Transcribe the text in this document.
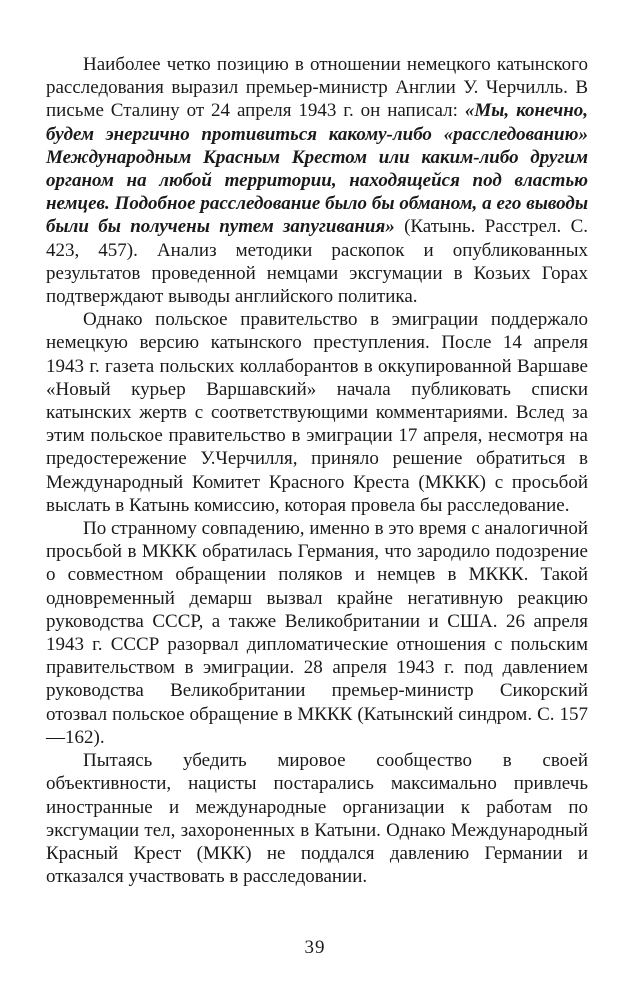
Наиболее четко позицию в отношении немецкого катынского расследования выразил премьер-министр Англии У. Черчилль. В письме Сталину от 24 апреля 1943 г. он написал: «Мы, конечно, будем энергично противиться какому-либо «расследованию» Международным Красным Крестом или каким-либо другим органом на любой территории, находящейся под властью немцев. Подобное расследование было бы обманом, а его выводы были бы получены путем запугивания» (Катынь. Расстрел. С. 423, 457). Анализ методики раскопок и опубликованных результатов проведенной немцами эксгумации в Козьих Горах подтверждают выводы английского политика.

Однако польское правительство в эмиграции поддержало немецкую версию катынского преступления. После 14 апреля 1943 г. газета польских коллаборантов в оккупированной Варшаве «Новый курьер Варшавский» начала публиковать списки катынских жертв с соответствующими комментариями. Вслед за этим польское правительство в эмиграции 17 апреля, несмотря на предостережение У.Черчилля, приняло решение обратиться в Международный Комитет Красного Креста (МККК) с просьбой выслать в Катынь комиссию, которая провела бы расследование.

По странному совпадению, именно в это время с аналогичной просьбой в МККК обратилась Германия, что зародило подозрение о совместном обращении поляков и немцев в МККК. Такой одновременный демарш вызвал крайне негативную реакцию руководства СССР, а также Великобритании и США. 26 апреля 1943 г. СССР разорвал дипломатические отношения с польским правительством в эмиграции. 28 апреля 1943 г. под давлением руководства Великобритании премьер-министр Сикорский отозвал польское обращение в МККК (Катынский синдром. С. 157—162).

Пытаясь убедить мировое сообщество в своей объективности, нацисты постарались максимально привлечь иностранные и международные организации к работам по эксгумации тел, захороненных в Катыни. Однако Международный Красный Крест (МКК) не поддался давлению Германии и отказался участвовать в расследовании.

39
